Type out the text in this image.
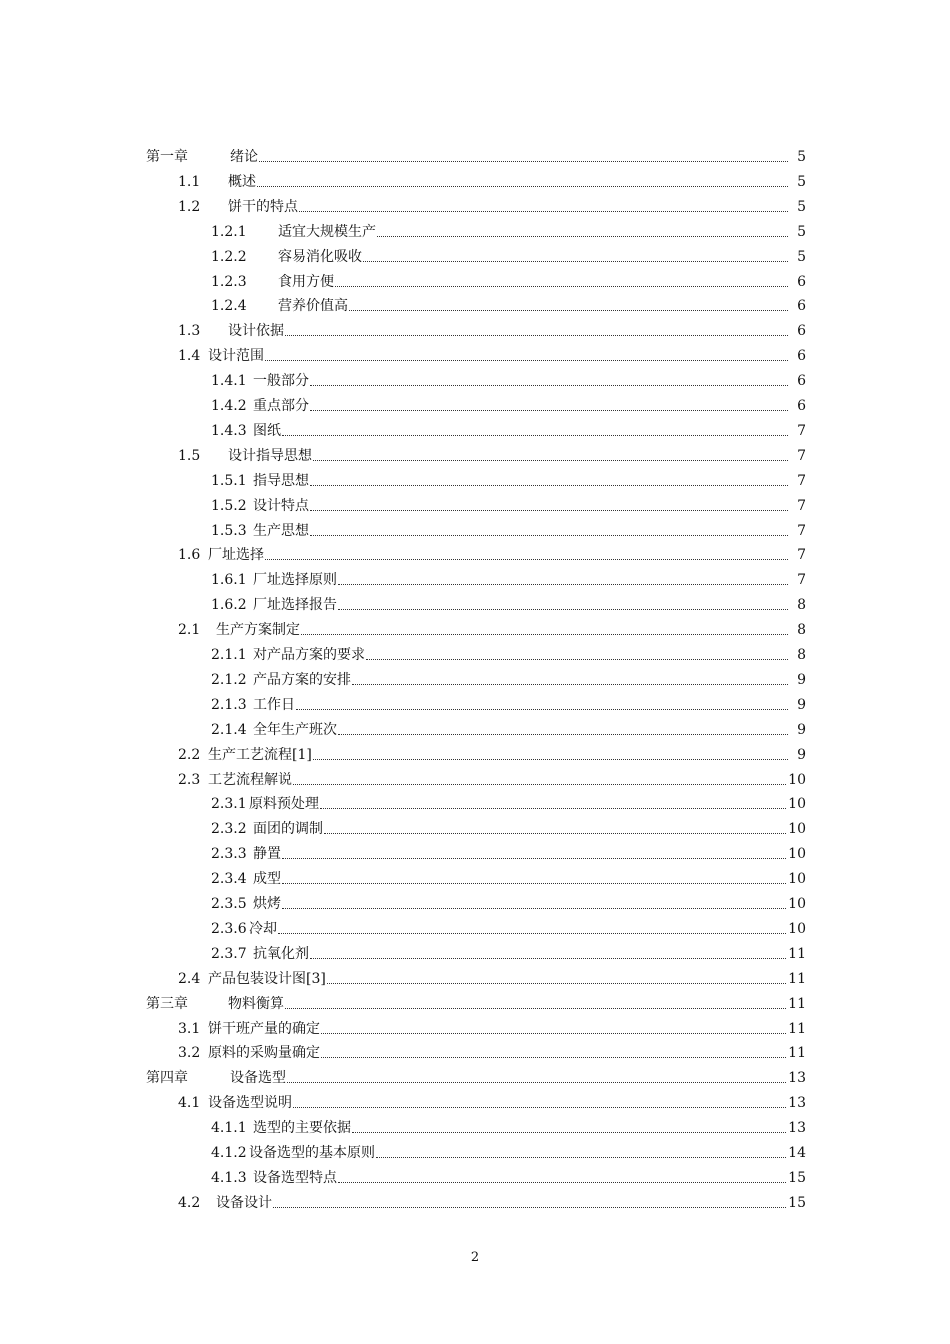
第一章	绪论	5
1.1	概述	5
1.2	饼干的特点	5
1.2.1	适宜大规模生产	5
1.2.2	容易消化吸收	5
1.2.3	食用方便	6
1.2.4	营养价值高	6
1.3	设计依据	6
1.4 设计范围	6
1.4.1 一般部分	6
1.4.2 重点部分	6
1.4.3 图纸	7
1.5	设计指导思想	7
1.5.1 指导思想	7
1.5.2 设计特点	7
1.5.3 生产思想	7
1.6 厂址选择	7
1.6.1 厂址选择原则	7
1.6.2 厂址选择报告	8
2.1	生产方案制定	8
2.1.1 对产品方案的要求	8
2.1.2 产品方案的安排	9
2.1.3 工作日	9
2.1.4 全年生产班次	9
2.2 生产工艺流程[1]	9
2.3 工艺流程解说	10
2.3.1 原料预处理	10
2.3.2 面团的调制	10
2.3.3 静置	10
2.3.4 成型	10
2.3.5 烘烤	10
2.3.6 冷却	10
2.3.7 抗氧化剂	11
2.4 产品包装设计图[3]	11
第三章	物料衡算	11
3.1 饼干班产量的确定	11
3.2 原料的采购量确定	11
第四章	设备选型	13
4.1 设备选型说明	13
4.1.1 选型的主要依据	13
4.1.2 设备选型的基本原则	14
4.1.3 设备选型特点	15
4.2	设备设计	15
2
